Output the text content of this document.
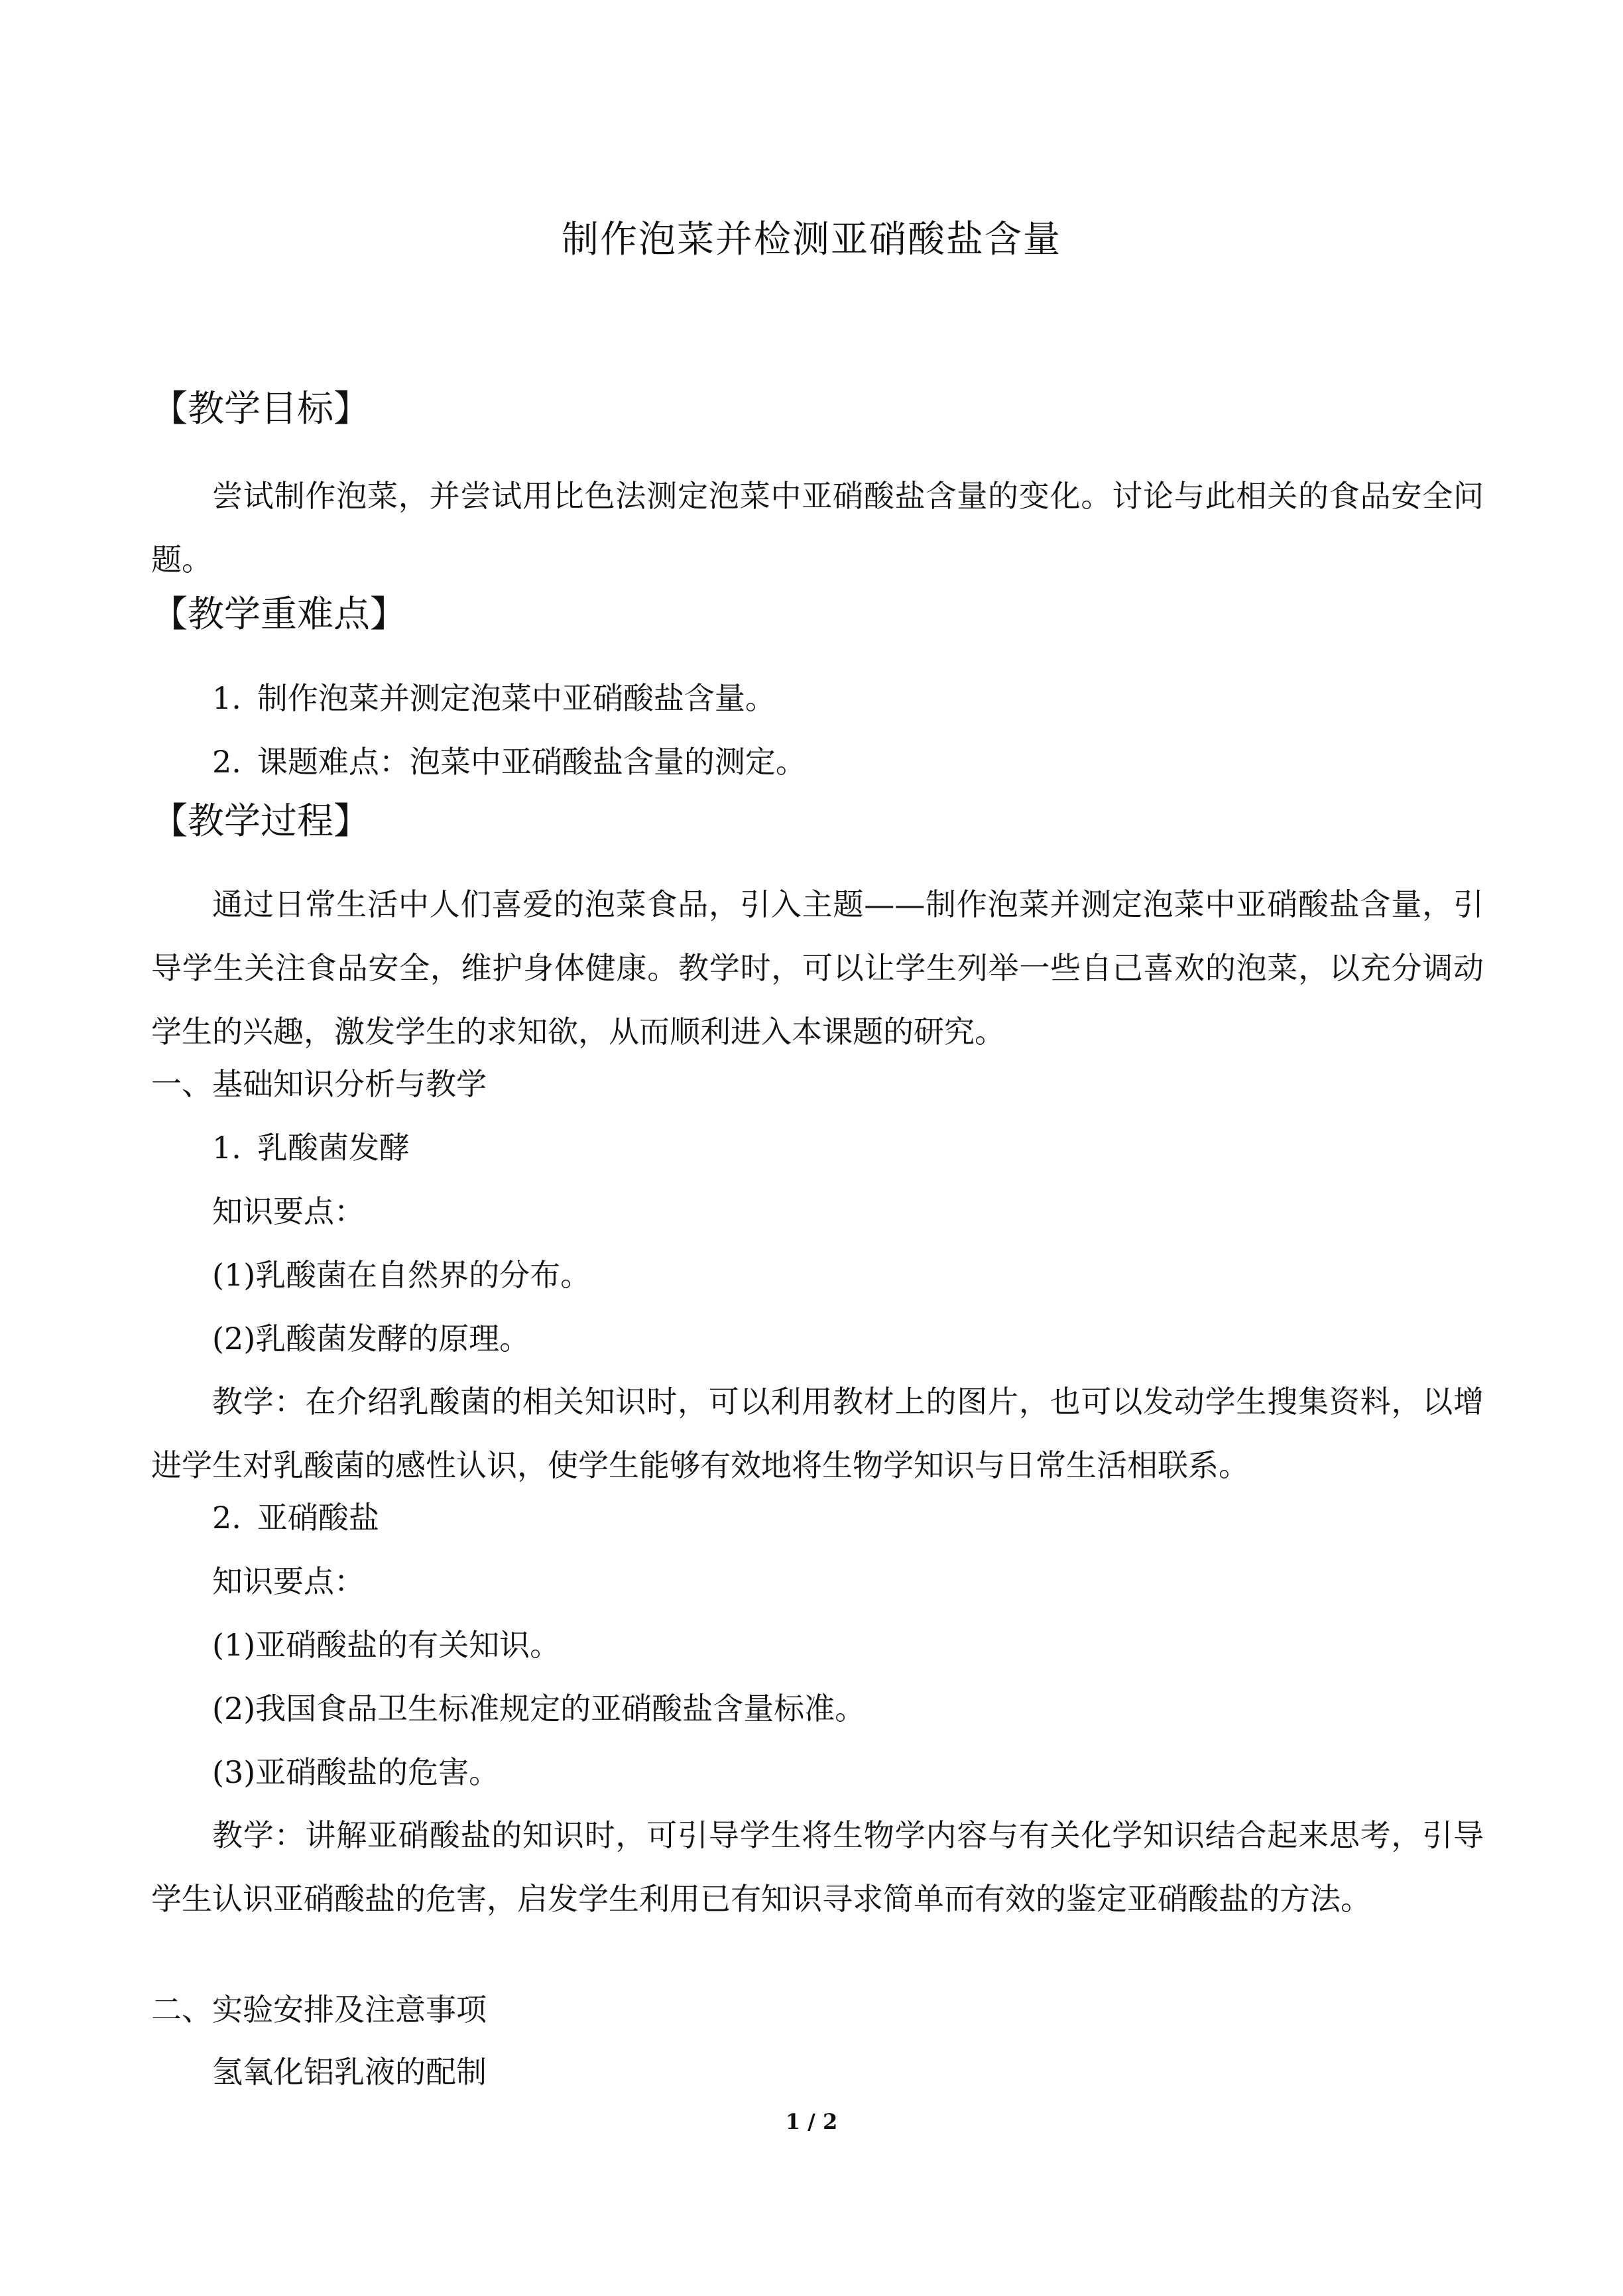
制作泡菜并检测亚硝酸盐含量
【教学目标】
尝试制作泡菜，并尝试用比色法测定泡菜中亚硝酸盐含量的变化。讨论与此相关的食品安全问题。
【教学重难点】
1. 制作泡菜并测定泡菜中亚硝酸盐含量。
2. 课题难点：泡菜中亚硝酸盐含量的测定。
【教学过程】
通过日常生活中人们喜爱的泡菜食品，引入主题——制作泡菜并测定泡菜中亚硝酸盐含量，引导学生关注食品安全，维护身体健康。教学时，可以让学生列举一些自己喜欢的泡菜，以充分调动学生的兴趣，激发学生的求知欲，从而顺利进入本课题的研究。
一、基础知识分析与教学
1. 乳酸菌发酵
知识要点：
(1)乳酸菌在自然界的分布。
(2)乳酸菌发酵的原理。
教学：在介绍乳酸菌的相关知识时，可以利用教材上的图片，也可以发动学生搜集资料，以增进学生对乳酸菌的感性认识，使学生能够有效地将生物学知识与日常生活相联系。
2. 亚硝酸盐
知识要点：
(1)亚硝酸盐的有关知识。
(2)我国食品卫生标准规定的亚硝酸盐含量标准。
(3)亚硝酸盐的危害。
教学：讲解亚硝酸盐的知识时，可引导学生将生物学内容与有关化学知识结合起来思考，引导学生认识亚硝酸盐的危害，启发学生利用已有知识寻求简单而有效的鉴定亚硝酸盐的方法。
二、实验安排及注意事项
氢氧化铝乳液的配制
1 / 2
